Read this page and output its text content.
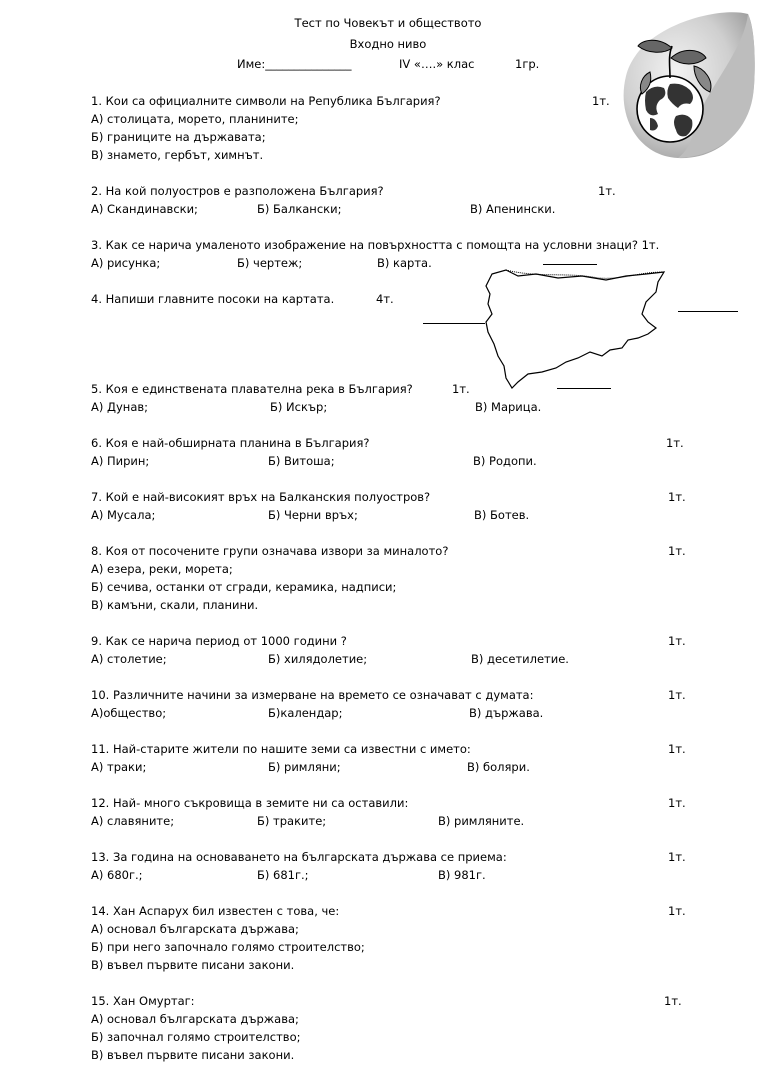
Тест по Човекът и обществото
Входно ниво
Име:_______________	IV «….» клас	1гр.
1. Кои са официалните символи на Република България?	1т.
А) столицата, морето, планините;
Б) границите на държавата;
В) знамето, гербът, химнът.
2. На кой полуостров е разположена България?	1т.
А) Скандинавски;	Б) Балкански;	В) Апенински.
3. Как се нарича умаленото изображение на повърхността с помощта на условни знаци? 1т.
А) рисунка;	Б) чертеж;	В) карта.
4. Напиши главните посоки на картата.	4т.
5. Коя е единствената плавателна река в България?	1т.
А) Дунав;	Б) Искър;	В) Марица.
6. Коя е най-обширната планина в България?	1т.
А) Пирин;	Б) Витоша;	В) Родопи.
7. Кой е най-високият връх на Балканския полуостров?	1т.
А) Мусала;	Б) Черни връх;	В) Ботев.
8. Коя от посочените групи означава извори за миналото?	1т.
А) езера, реки, морета;
Б) сечива, останки от сгради, керамика, надписи;
В) камъни, скали, планини.
9. Как се нарича период от 1000 години ?	1т.
А) столетие;	Б) хилядолетие;	В) десетилетие.
10. Различните начини за измерване на времето се означават с думата:	1т.
А)общество;	Б)календар;	В) държава.
11. Най-старите жители по нашите земи са известни с името:	1т.
А) траки;	Б) римляни;	В) боляри.
12. Най- много съкровища в земите ни са оставили:	1т.
А) славяните;	Б) траките;	В) римляните.
13. За година на основаването на българската държава се приема:	1т.
А) 680г.;	Б) 681г.;	В) 981г.
14. Хан Аспарух бил известен с това, че:	1т.
А) основал българската държава;
Б) при него започнало голямо строителство;
В) въвел първите писани закони.
15. Хан Омуртаг:	1т.
А) основал българската държава;
Б) започнал голямо строителство;
В) въвел първите писани закони.
